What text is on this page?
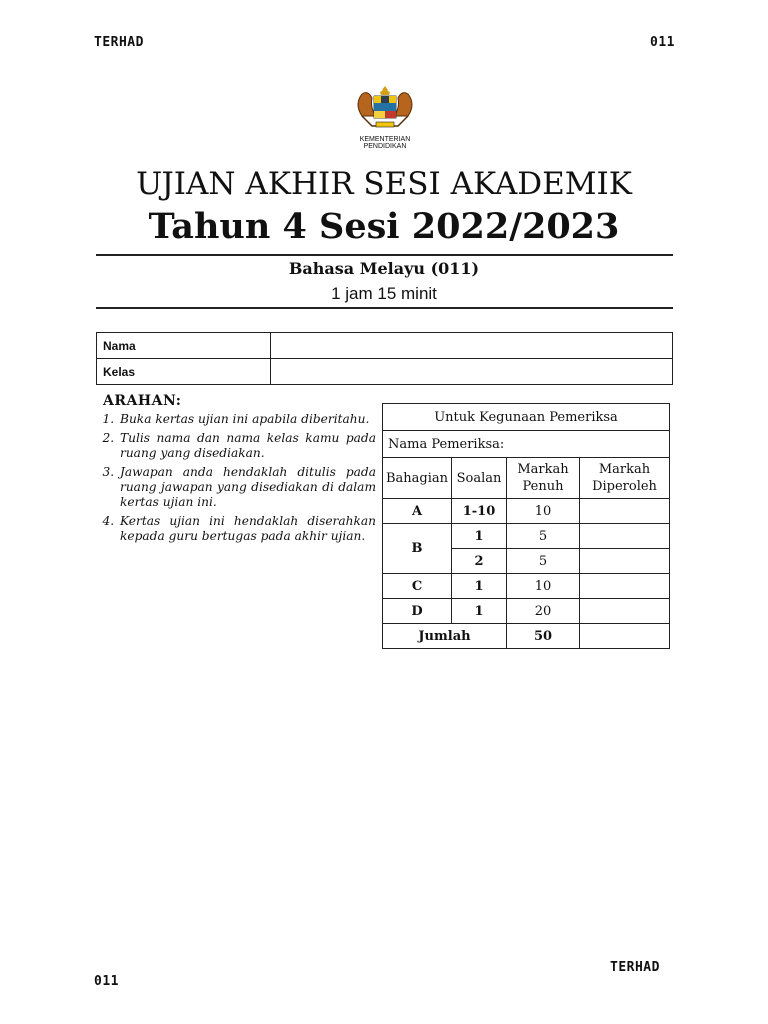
TERHAD	011
KEMENTERIAN PENDIDIKAN
UJIAN AKHIR SESI AKADEMIK
Tahun 4 Sesi 2022/2023
Bahasa Melayu (011)
1 jam 15 minit
Nama	
Kelas	
ARAHAN:
1. Buka kertas ujian ini apabila diberitahu.
2. Tulis nama dan nama kelas kamu pada ruang yang disediakan.
3. Jawapan anda hendaklah ditulis pada ruang jawapan yang disediakan di dalam kertas ujian ini.
4. Kertas ujian ini hendaklah diserahkan kepada guru bertugas pada akhir ujian.
Untuk Kegunaan Pemeriksa			
Nama Pemeriksa:			
Bahagian	Soalan	Markah Penuh	Markah Diperoleh
A	1-10	10	
B	1	5	
	2	5	
C	1	10	
D	1	20	
Jumlah		50	
TERHAD
011
